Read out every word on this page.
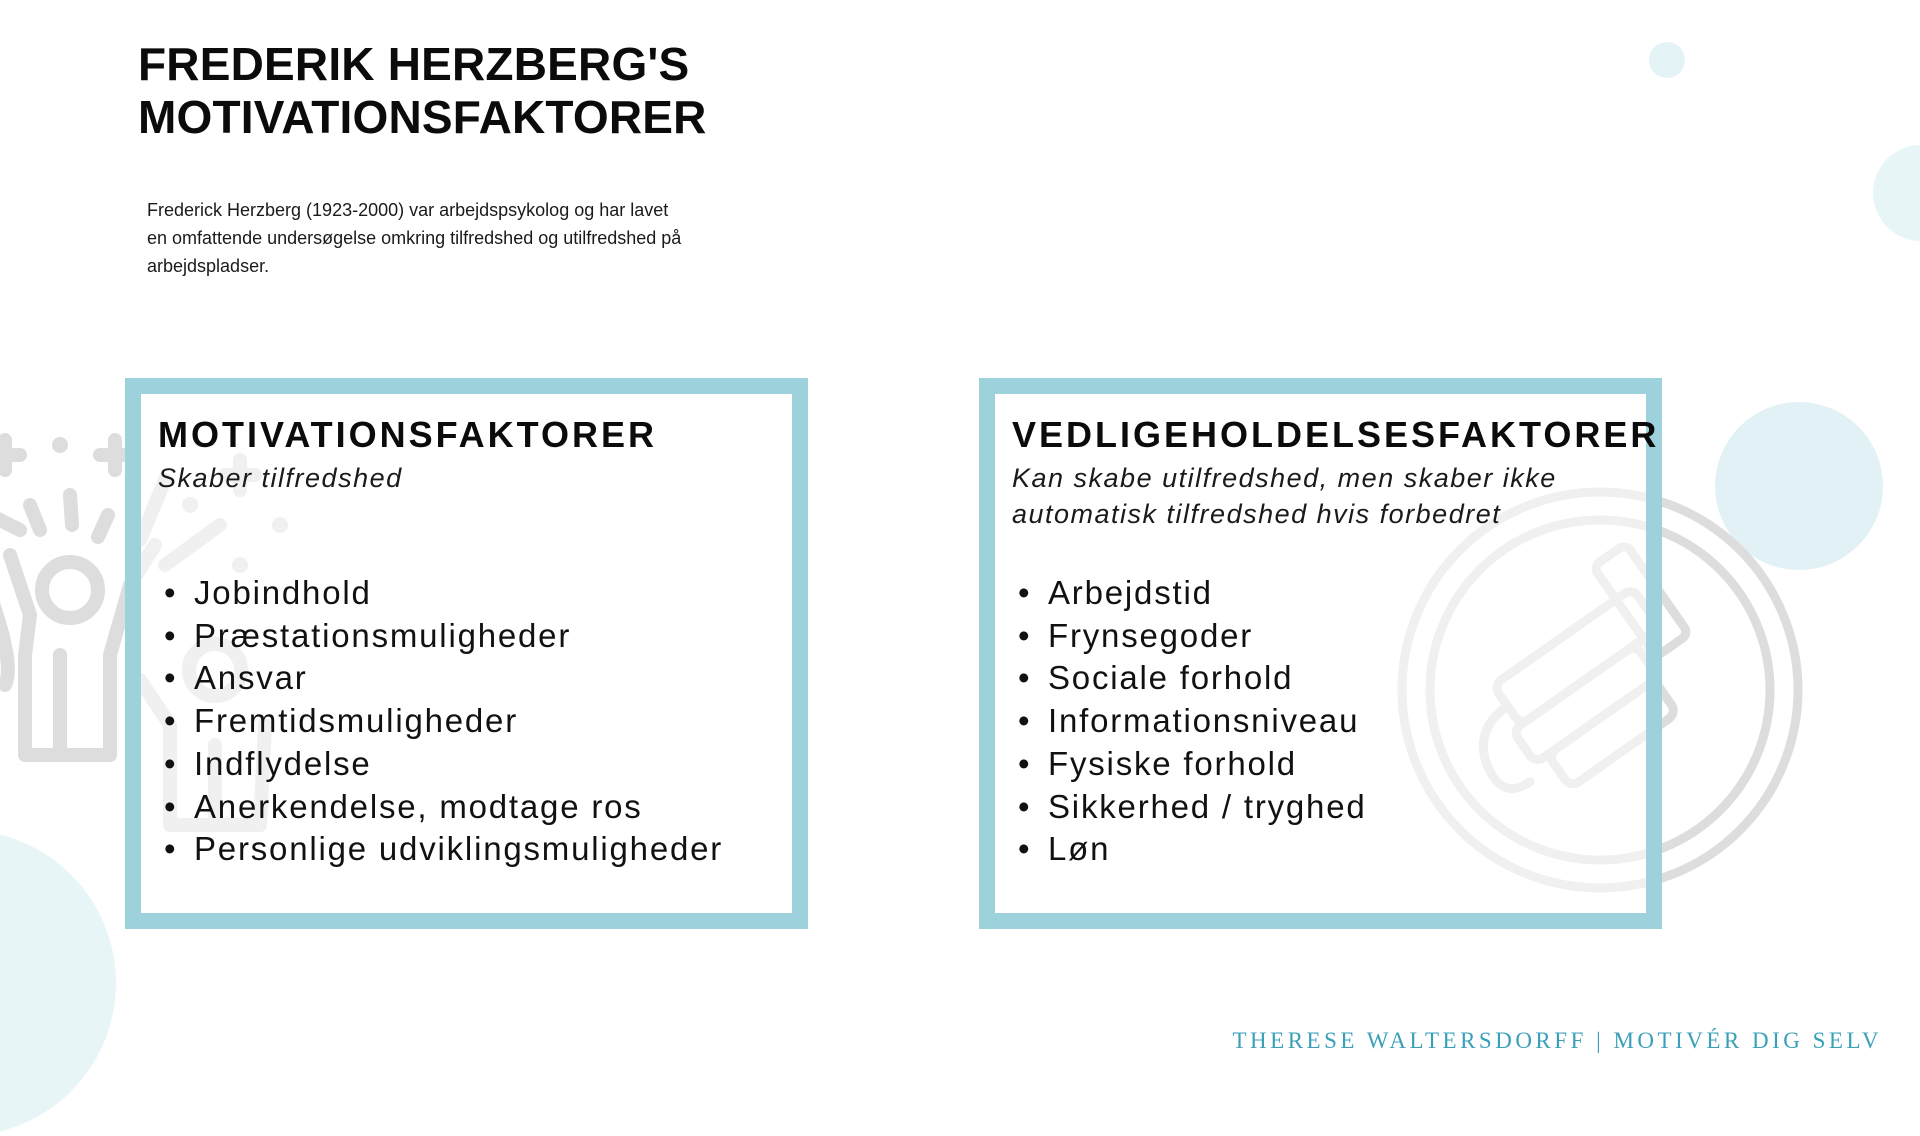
FREDERIK HERZBERG'S
MOTIVATIONSFAKTORER

Frederick Herzberg (1923-2000) var arbejdspsykolog og har lavet
en omfattende undersøgelse omkring tilfredshed og utilfredshed på
arbejdspladser.

MOTIVATIONSFAKTORER

Skaber tilfredshed

• Jobindhold
• Præstationsmuligheder
• Ansvar
• Fremtidsmuligheder
• Indflydelse
• Anerkendelse, modtage ros
• Personlige udviklingsmuligheder
VEDLIGEHOLDELSESFAKTORER

Kan skabe utilfredshed, men skaber ikke
automatisk tilfredshed hvis forbedret

• Arbejdstid
• Frynsegoder
• Sociale forhold
• Informationsniveau
• Fysiske forhold
• Sikkerhed / tryghed
• Løn

THERESE WALTERSDORFF | MOTIVÉR DIG SELV
